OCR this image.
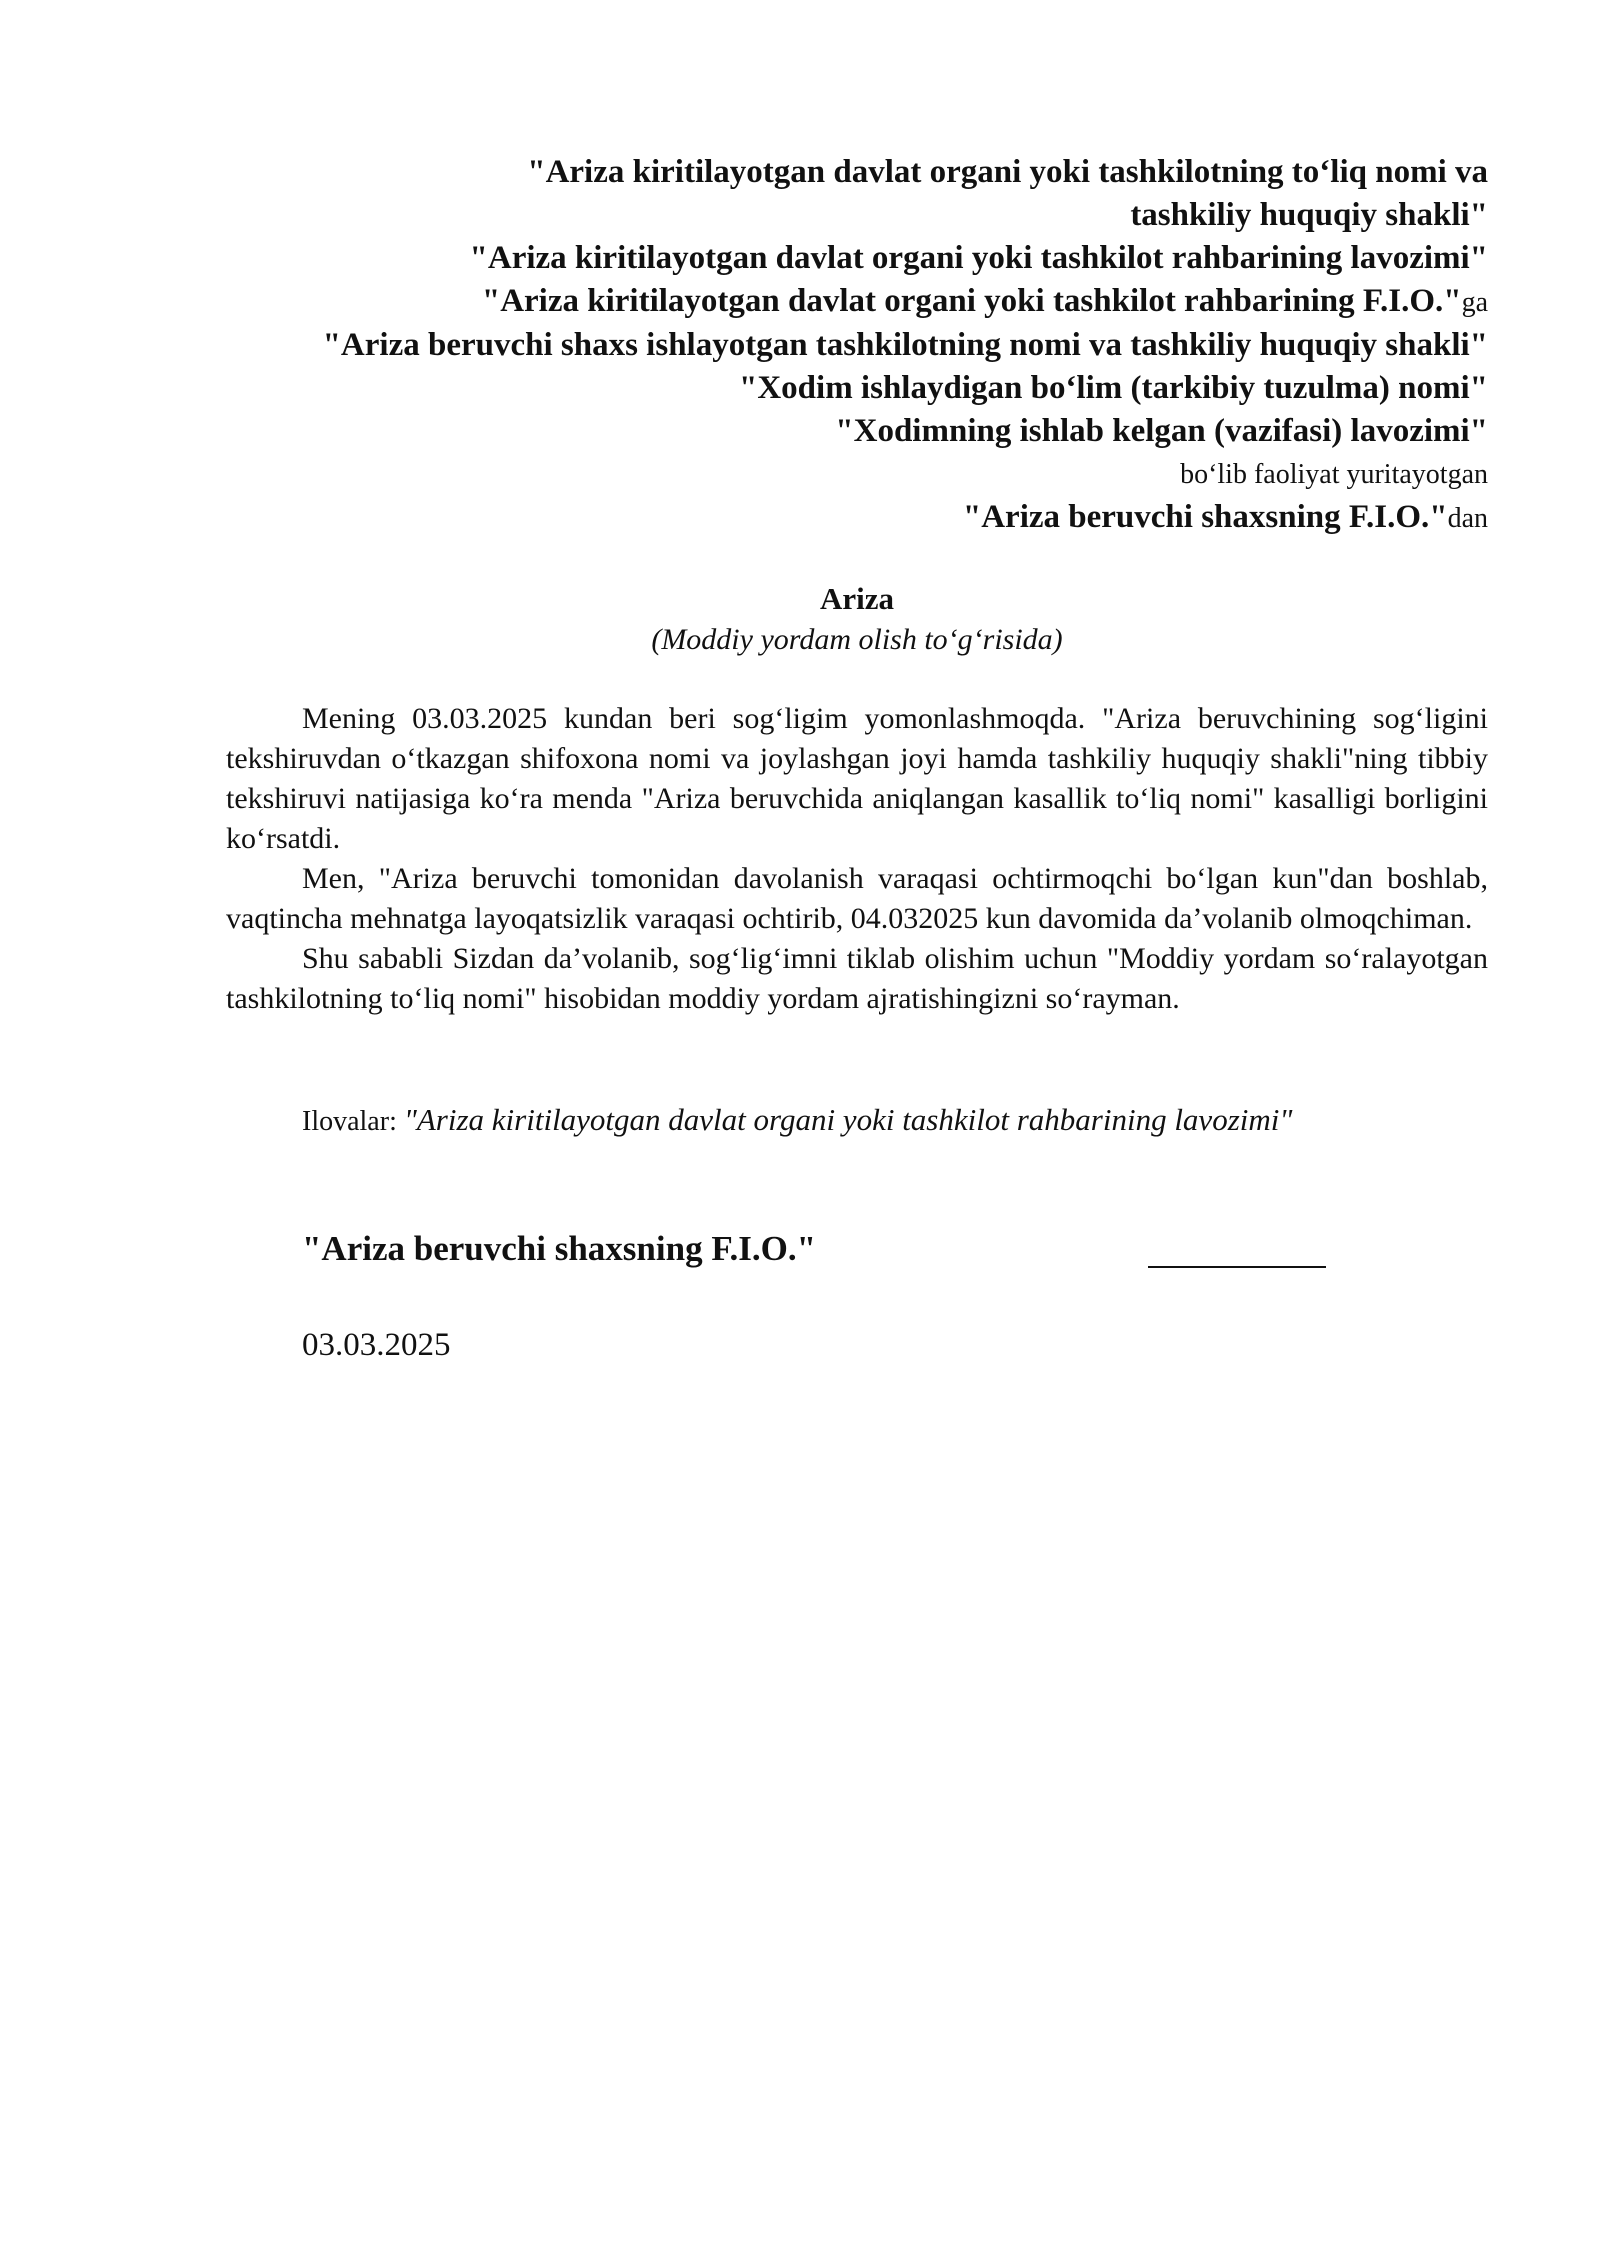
"Ariza kiritilayotgan davlat organi yoki tashkilotning to‘liq nomi va
tashkiliy huquqiy shakli"
"Ariza kiritilayotgan davlat organi yoki tashkilot rahbarining lavozimi"
"Ariza kiritilayotgan davlat organi yoki tashkilot rahbarining F.I.O."ga
"Ariza beruvchi shaxs ishlayotgan tashkilotning nomi va tashkiliy huquqiy shakli"
"Xodim ishlaydigan bo‘lim (tarkibiy tuzulma) nomi"
"Xodimning ishlab kelgan (vazifasi) lavozimi"
bo‘lib faoliyat yuritayotgan
"Ariza beruvchi shaxsning F.I.O."dan
Ariza
(Moddiy yordam olish to‘g‘risida)

Mening 03.03.2025 kundan beri sog‘ligim yomonlashmoqda. "Ariza beruvchining sog‘ligini tekshiruvdan o‘tkazgan shifoxona nomi va joylashgan joyi hamda tashkiliy huquqiy shakli"ning tibbiy tekshiruvi natijasiga ko‘ra menda "Ariza beruvchida aniqlangan kasallik to‘liq nomi" kasalligi borligini ko‘rsatdi.

Men, "Ariza beruvchi tomonidan davolanish varaqasi ochtirmoqchi bo‘lgan kun"dan boshlab, vaqtincha mehnatga layoqatsizlik varaqasi ochtirib, 04.032025 kun davomida da’volanib olmoqchiman.

Shu sababli Sizdan da’volanib, sog‘lig‘imni tiklab olishim uchun "Moddiy yordam so‘ralayotgan tashkilotning to‘liq nomi" hisobidan moddiy yordam ajratishingizni so‘rayman.

Ilovalar: "Ariza kiritilayotgan davlat organi yoki tashkilot rahbarining lavozimi"
"Ariza beruvchi shaxsning F.I.O."
03.03.2025
